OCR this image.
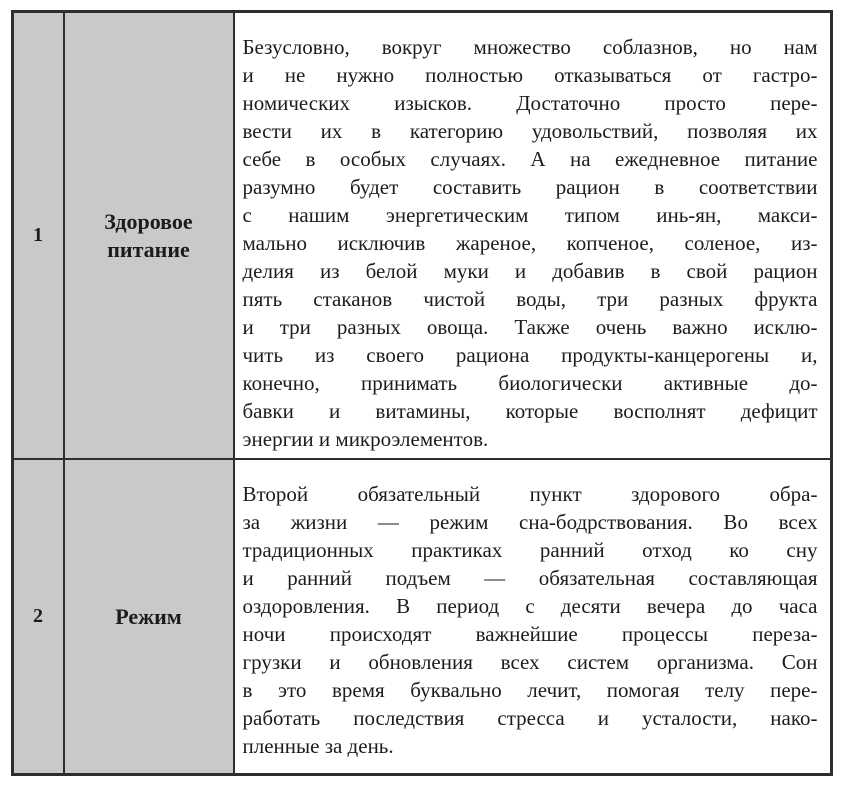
1
Здоровое питание
Безусловно, вокруг множество соблазнов, но нам
и не нужно полностью отказываться от гастро-
номических изысков. Достаточно просто пере-
вести их в категорию удовольствий, позволяя их
себе в особых случаях. А на ежедневное питание
разумно будет составить рацион в соответствии
с нашим энергетическим типом инь-ян, макси-
мально исключив жареное, копченое, соленое, из-
делия из белой муки и добавив в свой рацион
пять стаканов чистой воды, три разных фрукта
и три разных овоща. Также очень важно исклю-
чить из своего рациона продукты-канцерогены и,
конечно, принимать биологически активные до-
бавки и витамины, которые восполнят дефицит
энергии и микроэлементов.
2	Режим
Второй обязательный пункт здорового обра-
за жизни — режим сна-бодрствования. Во всех
традиционных практиках ранний отход ко сну
и ранний подъем — обязательная составляющая
оздоровления. В период с десяти вечера до часа
ночи происходят важнейшие процессы переза-
грузки и обновления всех систем организма. Сон
в это время буквально лечит, помогая телу пере-
работать последствия стресса и усталости, нако-
пленные за день.
